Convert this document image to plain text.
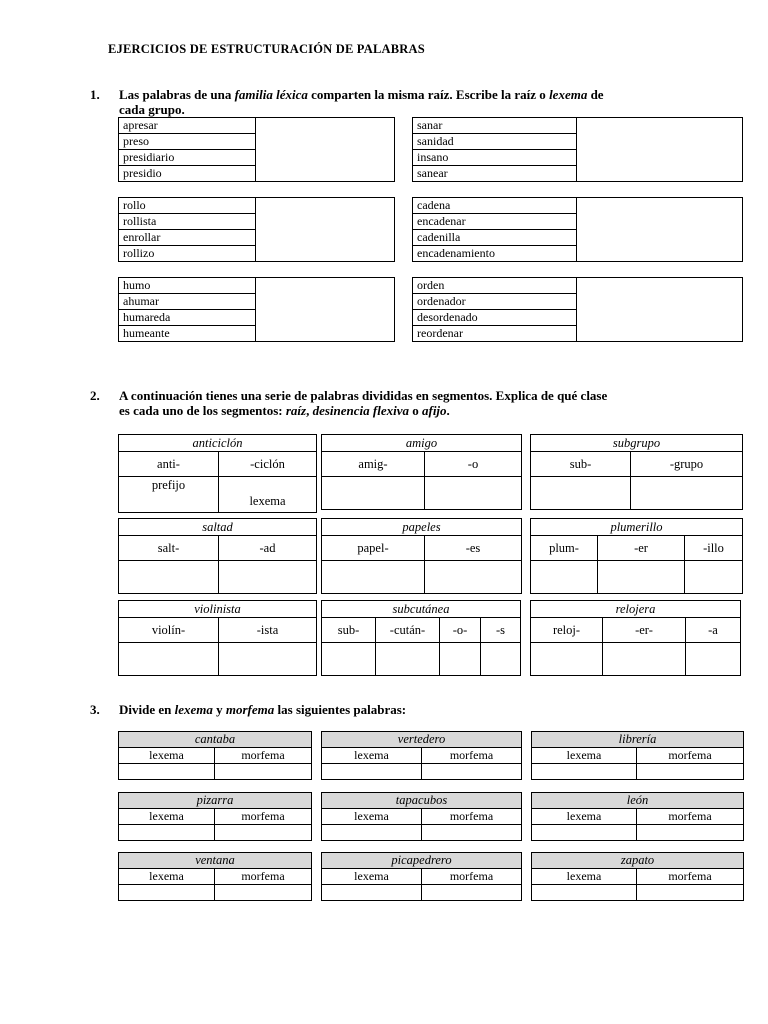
EJERCICIOS DE ESTRUCTURACIÓN DE PALABRAS
1. Las palabras de una familia léxica comparten la misma raíz. Escribe la raíz o lexema de
cada grupo.
apresar	
preso
presidiario
presidio
sanar	
sanidad
insano
sanear
rollo	
rollista
enrollar
rollizo
cadena	
encadenar
cadenilla
encadenamiento
humo	
ahumar
humareda
humeante
orden	
ordenador
desordenado
reordenar
2. A continuación tienes una serie de palabras divididas en segmentos. Explica de qué clase
es cada uno de los segmentos: raíz, desinencia flexiva o afijo.
anticiclón	
anti-	-ciclón
prefijo	lexema
amigo	
amig-	-o

subgrupo	
sub-	-grupo

saltad	
salt-	-ad

papeles	
papel-	-es

plumerillo		
plum-	-er	-illo

violinista	
violín-	-ista

subcutánea			
sub-	-cután-	-o-	-s

relojera		
reloj-	-er-	-a

3. Divide en lexema y morfema las siguientes palabras:
cantaba	
lexema	morfema

vertedero	
lexema	morfema

librería	
lexema	morfema

pizarra	
lexema	morfema

tapacubos	
lexema	morfema

león	
lexema	morfema

ventana	
lexema	morfema

picapedrero	
lexema	morfema

zapato	
lexema	morfema
